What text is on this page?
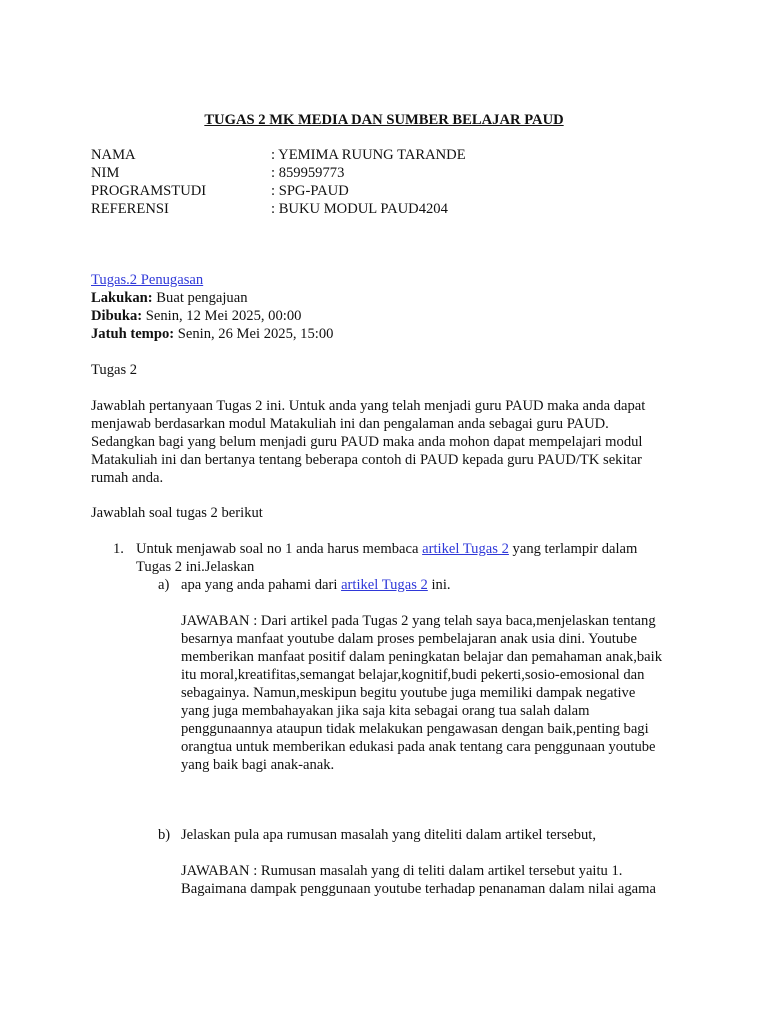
TUGAS 2 MK MEDIA DAN SUMBER BELAJAR PAUD
NAMA	: YEMIMA RUUNG TARANDE
NIM	: 859959773
PROGRAMSTUDI	: SPG-PAUD
REFERENSI	: BUKU MODUL PAUD4204
Tugas.2 Penugasan
Lakukan: Buat pengajuan
Dibuka: Senin, 12 Mei 2025, 00:00
Jatuh tempo: Senin, 26 Mei 2025, 15:00
Tugas 2
Jawablah pertanyaan Tugas 2 ini. Untuk anda yang telah menjadi guru PAUD maka anda dapat
menjawab berdasarkan modul Matakuliah ini dan pengalaman anda sebagai guru PAUD.
Sedangkan bagi yang belum menjadi guru PAUD maka anda mohon dapat mempelajari modul
Matakuliah ini dan bertanya tentang beberapa contoh di PAUD kepada guru PAUD/TK sekitar
rumah anda.
Jawablah soal tugas 2 berikut
1. Untuk menjawab soal no 1 anda harus membaca artikel Tugas 2 yang terlampir dalam
Tugas 2 ini.Jelaskan
a) apa yang anda pahami dari artikel Tugas 2 ini.
JAWABAN : Dari artikel pada Tugas 2 yang telah saya baca,menjelaskan tentang
besarnya manfaat youtube dalam proses pembelajaran anak usia dini. Youtube
memberikan manfaat positif dalam peningkatan belajar dan pemahaman anak,baik
itu moral,kreatifitas,semangat belajar,kognitif,budi pekerti,sosio-emosional dan
sebagainya. Namun,meskipun begitu youtube juga memiliki dampak negative
yang juga membahayakan jika saja kita sebagai orang tua salah dalam
penggunaannya ataupun tidak melakukan pengawasan dengan baik,penting bagi
orangtua untuk memberikan edukasi pada anak tentang cara penggunaan youtube
yang baik bagi anak-anak.
b) Jelaskan pula apa rumusan masalah yang diteliti dalam artikel tersebut,
JAWABAN : Rumusan masalah yang di teliti dalam artikel tersebut yaitu 1.
Bagaimana dampak penggunaan youtube terhadap penanaman dalam nilai agama
